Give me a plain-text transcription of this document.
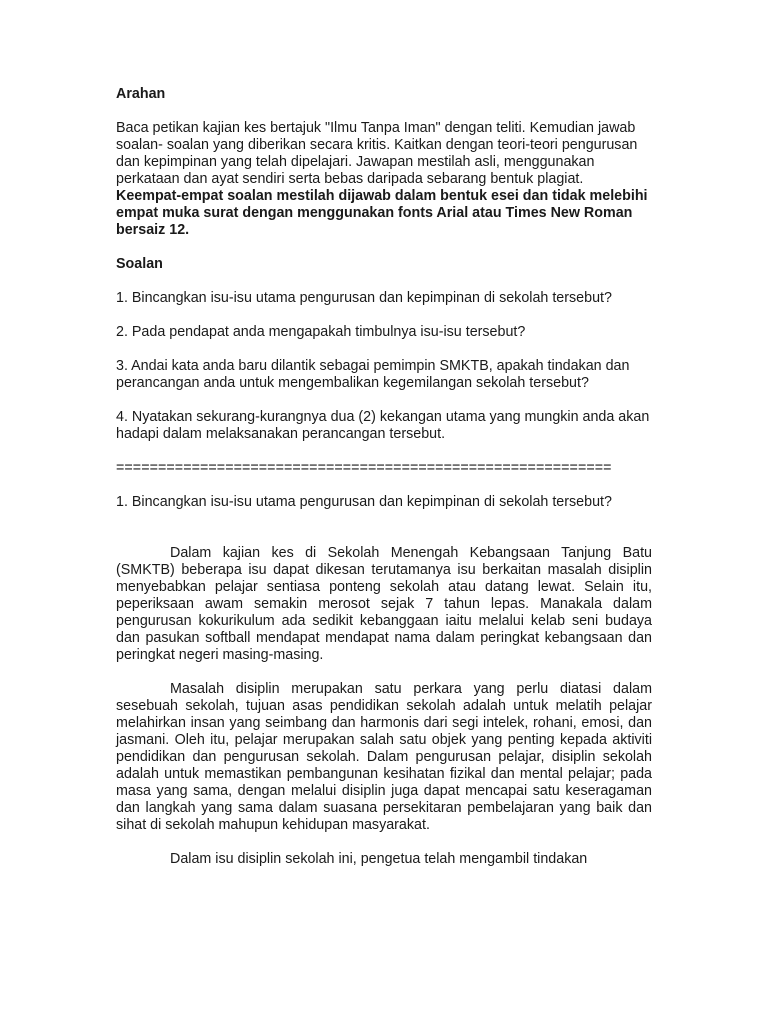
Arahan

Baca petikan kajian kes bertajuk "Ilmu Tanpa Iman" dengan teliti. Kemudian jawab soalan- soalan yang diberikan secara kritis. Kaitkan dengan teori-teori pengurusan dan kepimpinan yang telah dipelajari. Jawapan mestilah asli, menggunakan perkataan dan ayat sendiri serta bebas daripada sebarang bentuk plagiat. Keempat-empat soalan mestilah dijawab dalam bentuk esei dan tidak melebihi empat muka surat dengan menggunakan fonts Arial atau Times New Roman bersaiz 12.

Soalan

1. Bincangkan isu-isu utama pengurusan dan kepimpinan di sekolah tersebut?

2. Pada pendapat anda mengapakah timbulnya isu-isu tersebut?

3. Andai kata anda baru dilantik sebagai pemimpin SMKTB, apakah tindakan dan perancangan anda untuk mengembalikan kegemilangan sekolah tersebut?

4. Nyatakan sekurang-kurangnya dua (2) kekangan utama yang mungkin anda akan hadapi dalam melaksanakan perancangan tersebut.

===========================================================

1. Bincangkan isu-isu utama pengurusan dan kepimpinan di sekolah tersebut?

Dalam kajian kes di Sekolah Menengah Kebangsaan Tanjung Batu (SMKTB) beberapa isu dapat dikesan terutamanya isu berkaitan masalah disiplin menyebabkan pelajar sentiasa ponteng sekolah atau datang lewat. Selain itu, peperiksaan awam semakin merosot sejak 7 tahun lepas. Manakala dalam pengurusan kokurikulum ada sedikit kebanggaan iaitu melalui kelab seni budaya dan pasukan softball mendapat mendapat nama dalam peringkat kebangsaan dan peringkat negeri masing-masing.

Masalah disiplin merupakan satu perkara yang perlu diatasi dalam sesebuah sekolah, tujuan asas pendidikan sekolah adalah untuk melatih pelajar melahirkan insan yang seimbang dan harmonis dari segi intelek, rohani, emosi, dan jasmani. Oleh itu, pelajar merupakan salah satu objek yang penting kepada aktiviti pendidikan dan pengurusan sekolah. Dalam pengurusan pelajar, disiplin sekolah adalah untuk memastikan pembangunan kesihatan fizikal dan mental pelajar; pada masa yang sama, dengan melalui disiplin juga dapat mencapai satu keseragaman dan langkah yang sama dalam suasana persekitaran pembelajaran yang baik dan sihat di sekolah mahupun kehidupan masyarakat.

Dalam isu disiplin sekolah ini, pengetua telah mengambil tindakan
